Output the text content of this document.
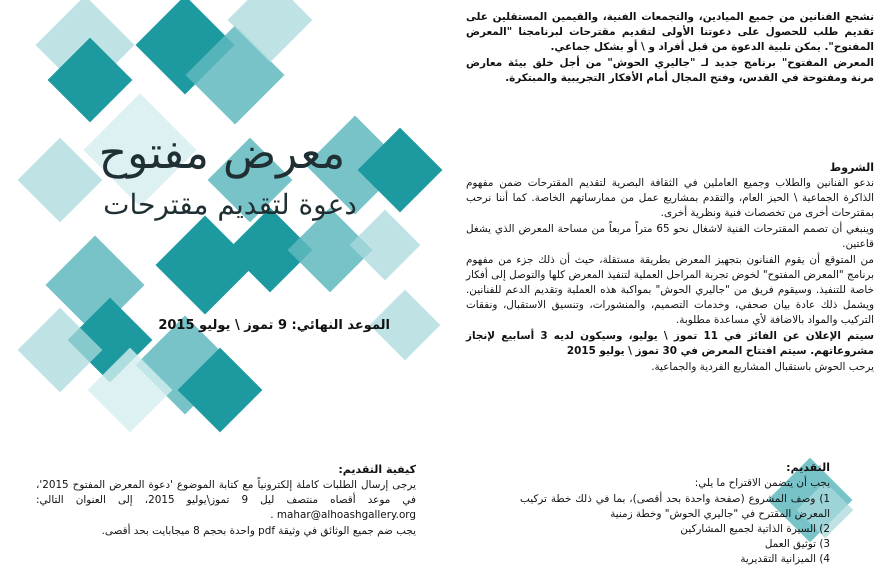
معرض مفتوح
دعوة لتقديم مقترحات
الموعد النهائي: 9 تموز \ يوليو 2015

نشجع الفنانين من جميع الميادين، والتجمعات الفنية، والقيمين المستقلين على تقديم طلب للحصول على دعوتنا الأولى لتقديم مقترحات لبرنامجنا "المعرض المفتوح". يمكن تلبية الدعوة من قبل أفراد و \ أو بشكل جماعي.

المعرض المفتوح" برنامج جديد لـ "جاليري الحوش" من أجل خلق بيئة معارض مرنة ومفتوحة في القدس، وفتح المجال أمام الأفكار التجريبية والمبتكرة.

الشروط

ندعو الفنانين والطلاب وجميع العاملين في الثقافة البصرية لتقديم المقترحات ضمن مفهوم الذاكرة الجماعية \ الحيز العام، والتقدم بمشاريع عمل من ممارساتهم الخاصة. كما أننا نرحب بمقترحات أخرى من تخصصات فنية ونظرية أخرى.

وينبغي أن تصمم المقترحات الفنية لاشغال نحو 65 متراً مربعاً من مساحة المعرض الذي يشغل قاعتين.

من المتوقع أن يقوم الفنانون بتجهيز المعرض بطريقة مستقلة، حيث أن ذلك جزء من مفهوم برنامج "المعرض المفتوح" لخوض تجربة المراحل العملية لتنفيذ المعرض كلها والتوصل إلى أفكار خاصة للتنفيذ. وسيقوم فريق من "جاليري الحوش" بمواكبة هذه العملية وتقديم الدعم للفنانين. ويشمل ذلك عادة بيان صحفي، وخدمات التصميم، والمنشورات، وتنسيق الاستقبال، ونفقات التركيب والمواد بالاضافة لأي مساعدة مطلوبة.

سيتم الإعلان عن الفائز في 11 تموز \ يوليو، وسيكون لديه 3 أسابيع لإنجاز مشروعاتهم. سيتم افتتاح المعرض في 30 تموز \ يوليو 2015

يرحب الحوش باستقبال المشاريع الفردية والجماعية.

كيفية التقديم:

يرجى إرسال الطلبات كاملة إلكترونياً مع كتابة الموضوع 'دعوة المعرض المفتوح 2015'، في موعد أقصاه منتصف ليل 9 تموز\يوليو 2015، إلى العنوان التالي: mahar@alhoashgallery.org .

يجب ضم جميع الوثائق في وثيقة pdf واحدة بحجم 8 ميجابايت بحد أقصى.

التقديم:

يجب أن يتضمن الاقتراح ما يلي:

1) وصف المشروع (صفحة واحدة بحد أقصى)، بما في ذلك خطة تركيب المعرض المقترح في "جاليري الحوش" وخطة زمنية
2) السيرة الذاتية لجميع المشاركين
3) توثيق العمل
4) الميزانية التقديرية
